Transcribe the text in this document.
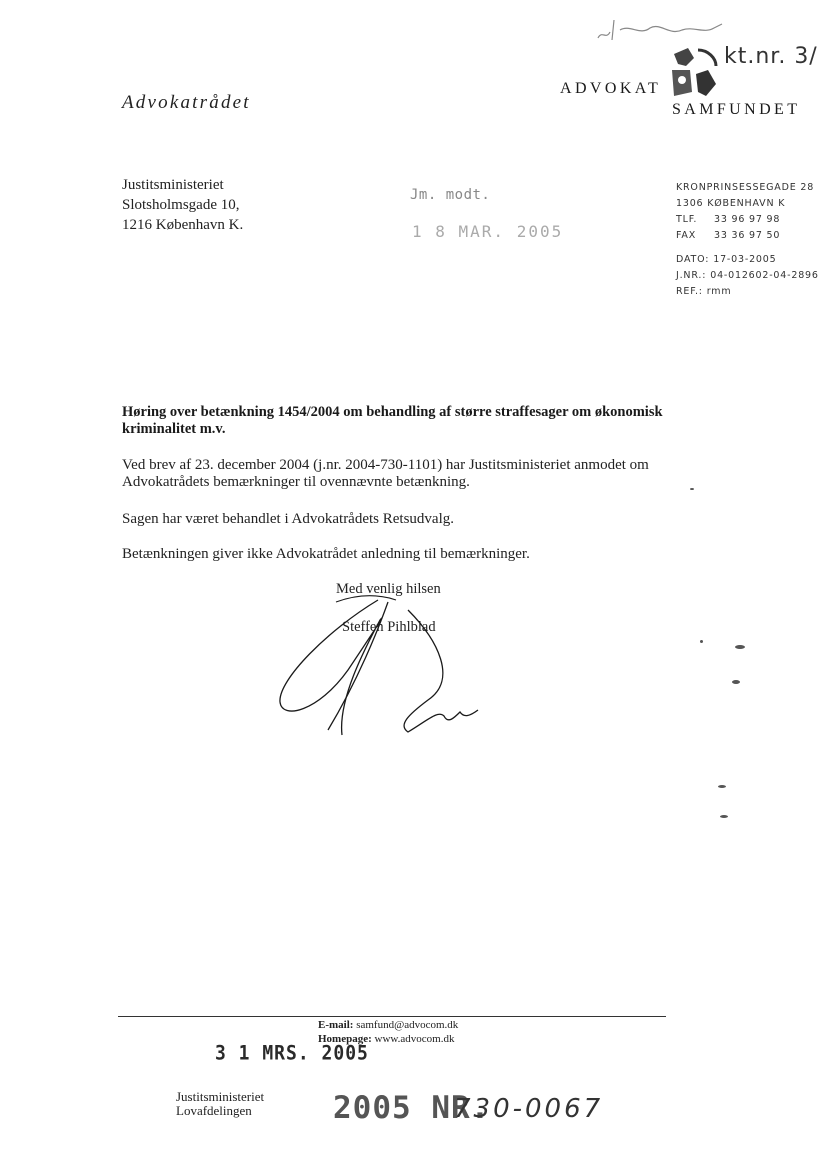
Advokatrådet
ADVOKAT
kt.nr. 3/
SAMFUNDET
Justitsministeriet
Slotsholmsgade 10,
1216 København K.
Jm. modt.
1 8 MAR. 2005
KRONPRINSESSEGADE 28
1306 KØBENHAVN K
TLF. 33 96 97 98
FAX 33 36 97 50
DATO: 17-03-2005
J.NR.: 04-012602-04-2896
REF.: rmm
Høring over betænkning 1454/2004 om behandling af større straffesager om økonomisk kriminalitet m.v.
Ved brev af 23. december 2004 (j.nr. 2004-730-1101) har Justitsministeriet anmodet om Advokatrådets bemærkninger til ovennævnte betænkning.
Sagen har været behandlet i Advokatrådets Retsudvalg.
Betænkningen giver ikke Advokatrådet anledning til bemærkninger.
Med venlig hilsen
Steffen Pihlblad
E-mail: samfund@advocom.dk
Homepage: www.advocom.dk
3 1 MRS. 2005
Justitsministeriet
Lovafdelingen	2005 NR.
730-0067
